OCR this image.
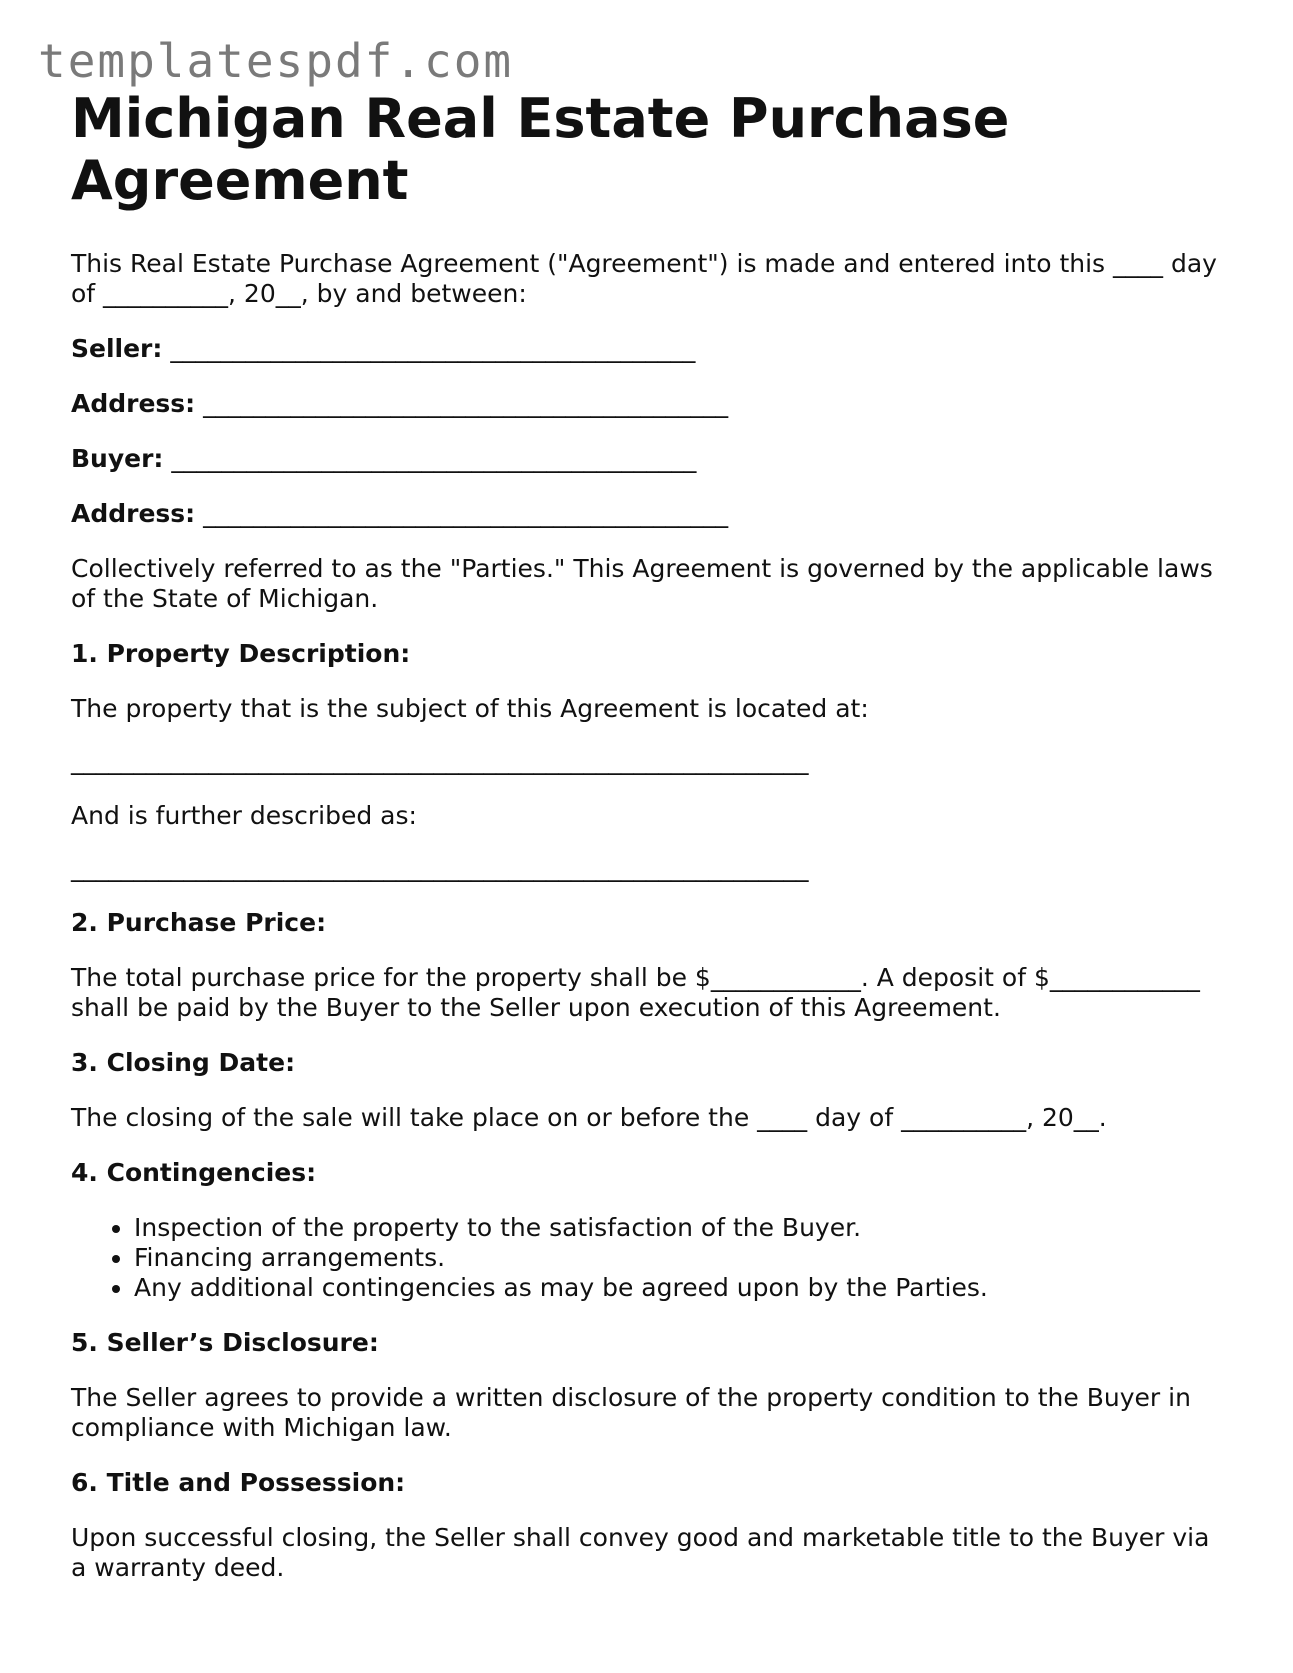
templatespdf.com
Michigan Real Estate Purchase Agreement

This Real Estate Purchase Agreement ("Agreement") is made and entered into this ____ day of __________, 20__, by and between:

Seller: __________________________________________
Address: __________________________________________
Buyer: __________________________________________
Address: __________________________________________

Collectively referred to as the "Parties." This Agreement is governed by the applicable laws of the State of Michigan.

1. Property Description:

The property that is the subject of this Agreement is located at:

___________________________________________________________

And is further described as:

___________________________________________________________
2. Purchase Price:

The total purchase price for the property shall be $____________. A deposit of $____________ shall be paid by the Buyer to the Seller upon execution of this Agreement.

3. Closing Date:

The closing of the sale will take place on or before the ____ day of __________, 20__.

4. Contingencies:
• Inspection of the property to the satisfaction of the Buyer.
• Financing arrangements.
• Any additional contingencies as may be agreed upon by the Parties.
5. Seller’s Disclosure:

The Seller agrees to provide a written disclosure of the property condition to the Buyer in compliance with Michigan law.

6. Title and Possession:

Upon successful closing, the Seller shall convey good and marketable title to the Buyer via a warranty deed.
